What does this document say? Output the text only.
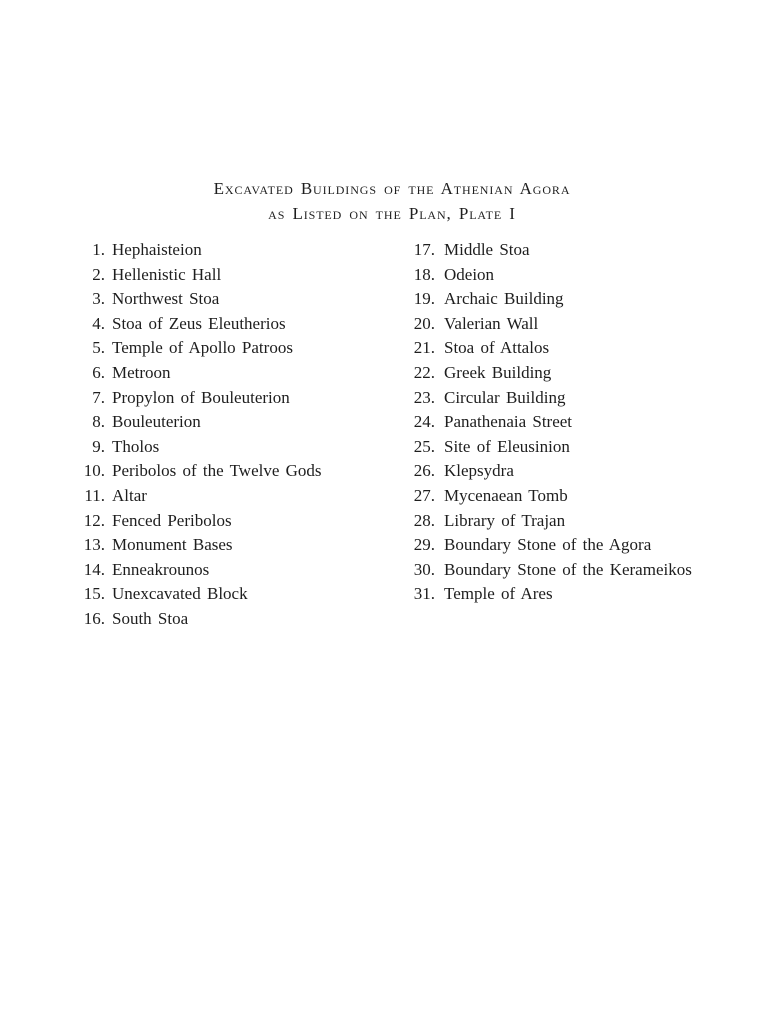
Excavated Buildings of the Athenian Agora
as Listed on the Plan, Plate I
1. Hephaisteion
2. Hellenistic Hall
3. Northwest Stoa
4. Stoa of Zeus Eleutherios
5. Temple of Apollo Patroos
6. Metroon
7. Propylon of Bouleuterion
8. Bouleuterion
9. Tholos
10. Peribolos of the Twelve Gods
11. Altar
12. Fenced Peribolos
13. Monument Bases
14. Enneakrounos
15. Unexcavated Block
16. South Stoa
17. Middle Stoa
18. Odeion
19. Archaic Building
20. Valerian Wall
21. Stoa of Attalos
22. Greek Building
23. Circular Building
24. Panathenaia Street
25. Site of Eleusinion
26. Klepsydra
27. Mycenaean Tomb
28. Library of Trajan
29. Boundary Stone of the Agora
30. Boundary Stone of the Kerameikos
31. Temple of Ares
